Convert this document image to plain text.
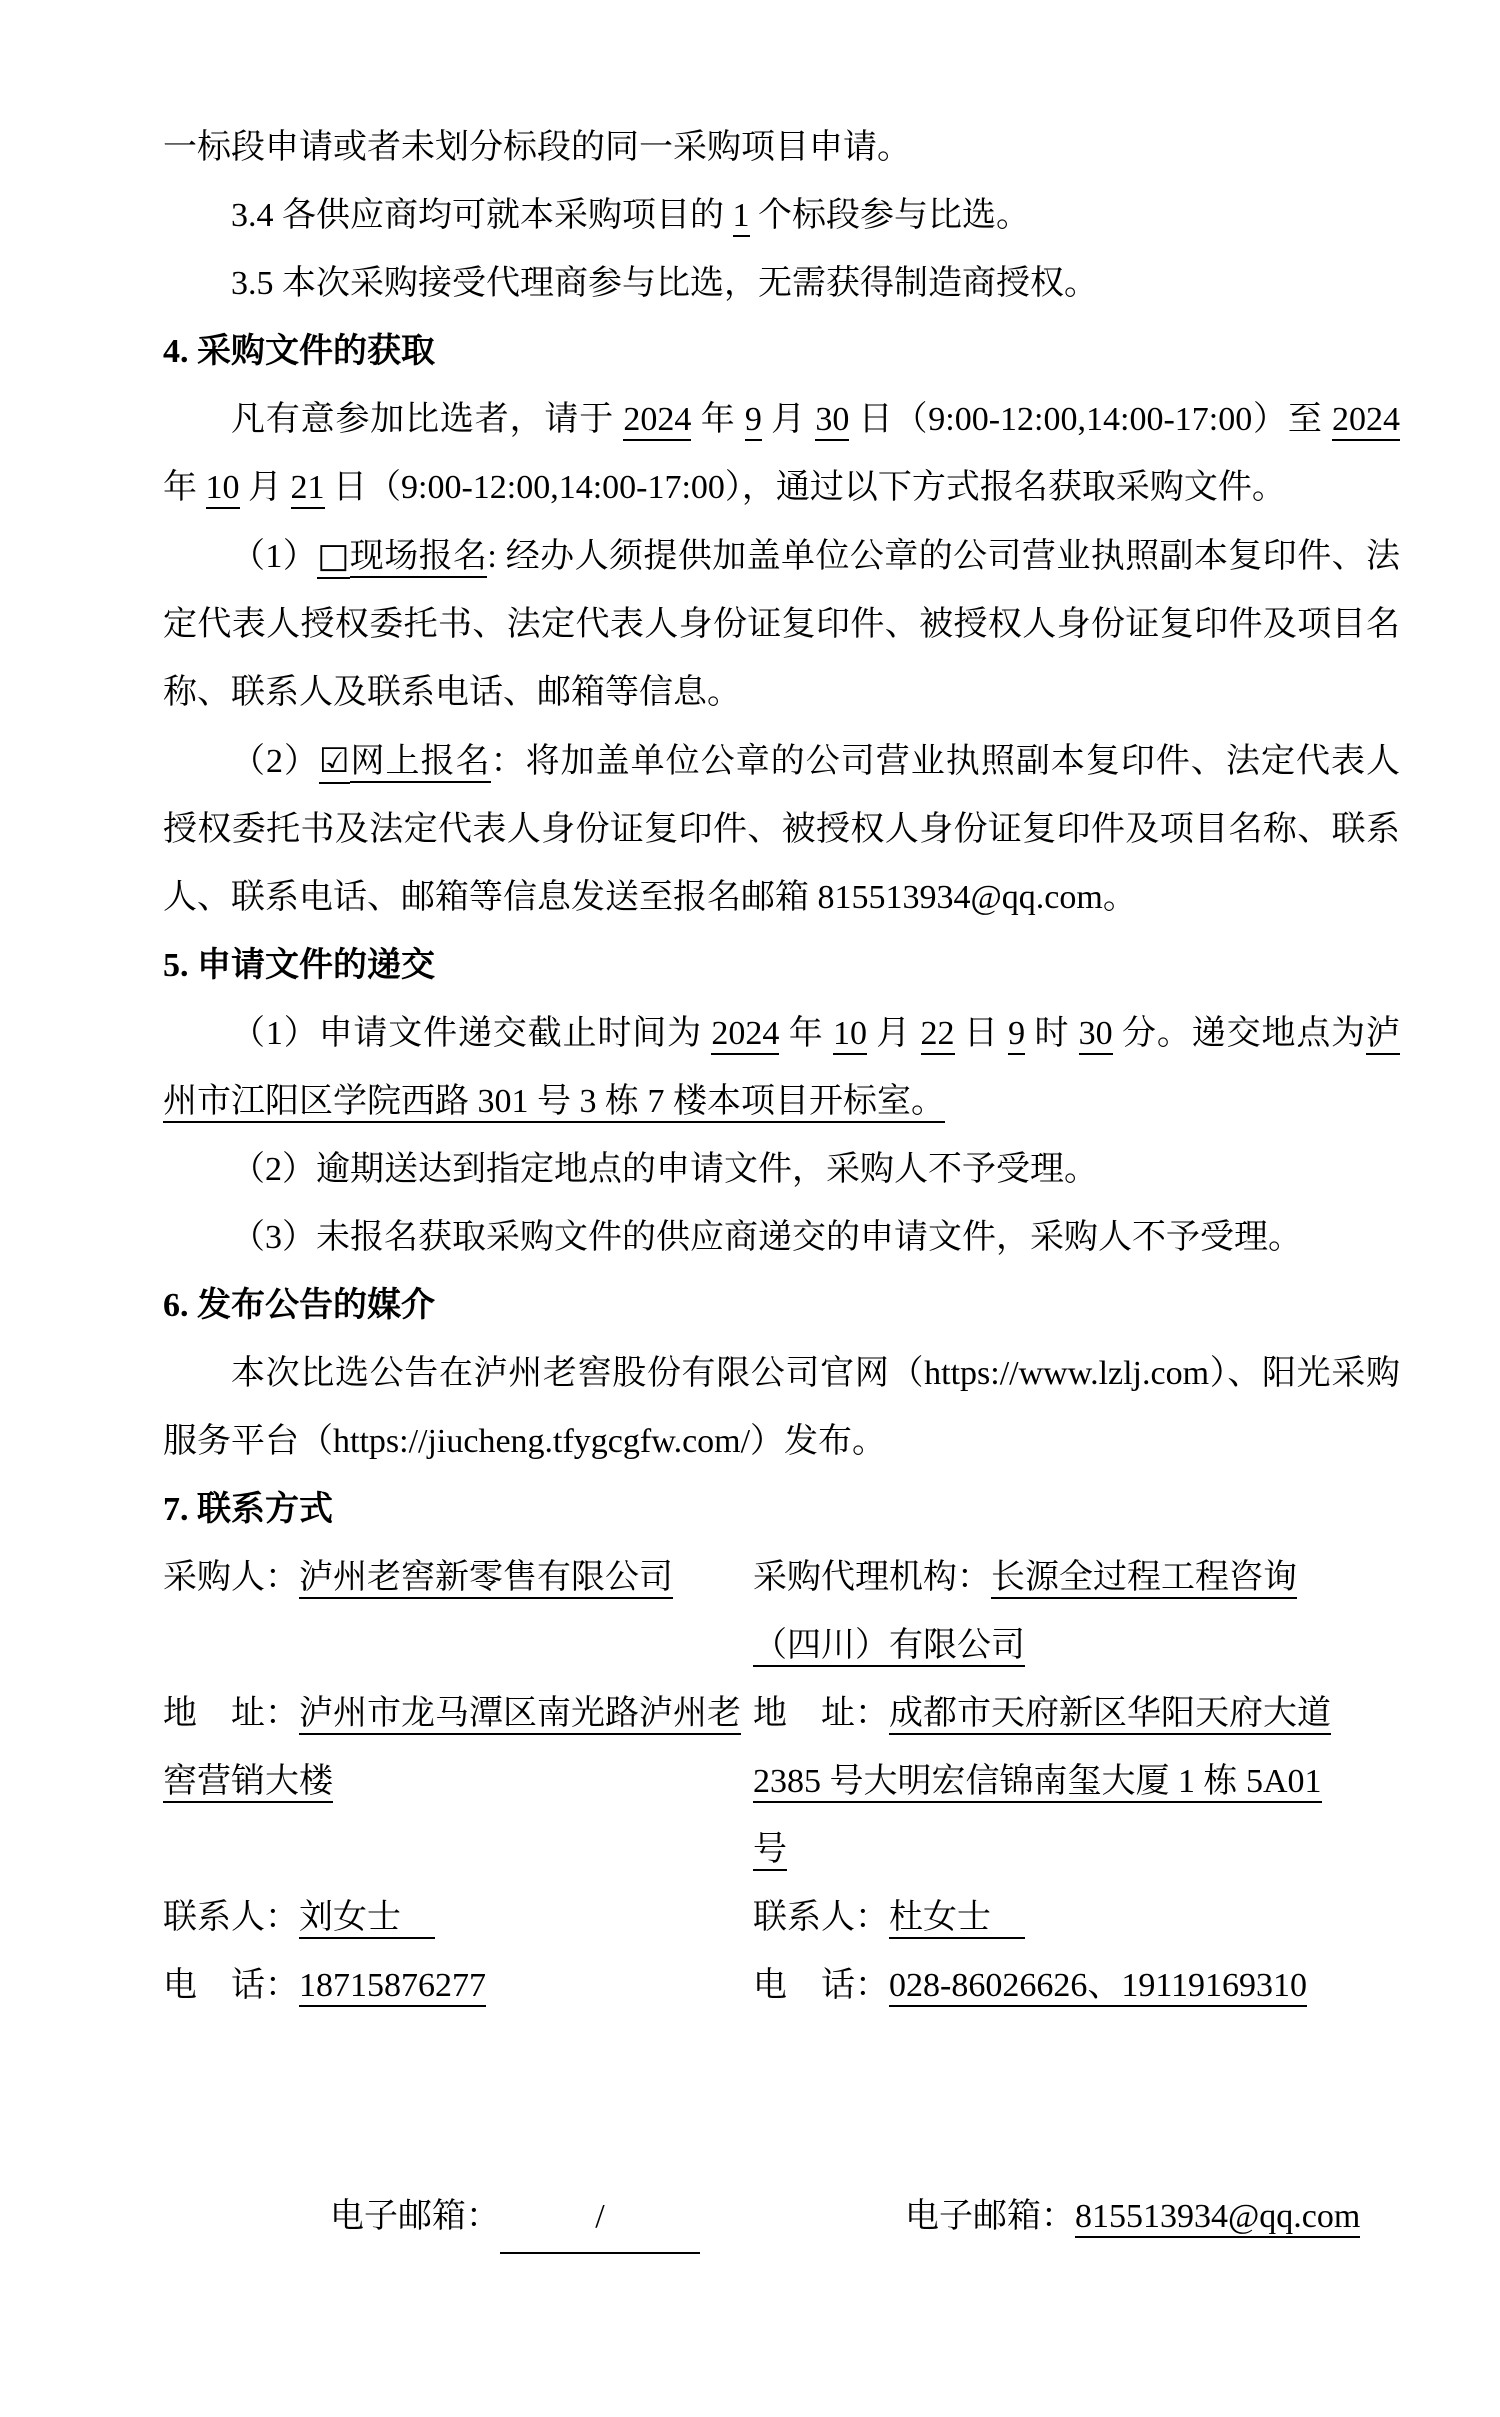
一标段申请或者未划分标段的同一采购项目申请。

3.4 各供应商均可就本采购项目的 1 个标段参与比选。

3.5 本次采购接受代理商参与比选，无需获得制造商授权。

4. 采购文件的获取

凡有意参加比选者，请于 2024 年 9 月 30 日（9:00-12:00,14:00-17:00）至 2024 年 10 月 21 日（9:00-12:00,14:00-17:00），通过以下方式报名获取采购文件。

（1）□现场报名: 经办人须提供加盖单位公章的公司营业执照副本复印件、法定代表人授权委托书、法定代表人身份证复印件、被授权人身份证复印件及项目名称、联系人及联系电话、邮箱等信息。

（2）☑网上报名：将加盖单位公章的公司营业执照副本复印件、法定代表人授权委托书及法定代表人身份证复印件、被授权人身份证复印件及项目名称、联系人、联系电话、邮箱等信息发送至报名邮箱 815513934@qq.com。

5. 申请文件的递交

（1）申请文件递交截止时间为 2024 年 10 月 22 日 9 时 30 分。递交地点为泸州市江阳区学院西路 301 号 3 栋 7 楼本项目开标室。

（2）逾期送达到指定地点的申请文件，采购人不予受理。

（3）未报名获取采购文件的供应商递交的申请文件，采购人不予受理。

6. 发布公告的媒介

本次比选公告在泸州老窖股份有限公司官网（https://www.lzlj.com）、阳光采购服务平台（https://jiucheng.tfygcgfw.com/）发布。

7. 联系方式

采购人：泸州老窖新零售有限公司	采购代理机构：长源全过程工程咨询
（四川）有限公司
地　址：泸州市龙马潭区南光路泸州老
窖营销大楼
地　址：成都市天府新区华阳天府大道
2385 号大明宏信锦南玺大厦 1 栋 5A01
号
联系人：刘女士　	联系人：杜女士　
电　话：18715876277	电　话：028-86026626、19119169310
电子邮箱：	/	电子邮箱：815513934@qq.com
